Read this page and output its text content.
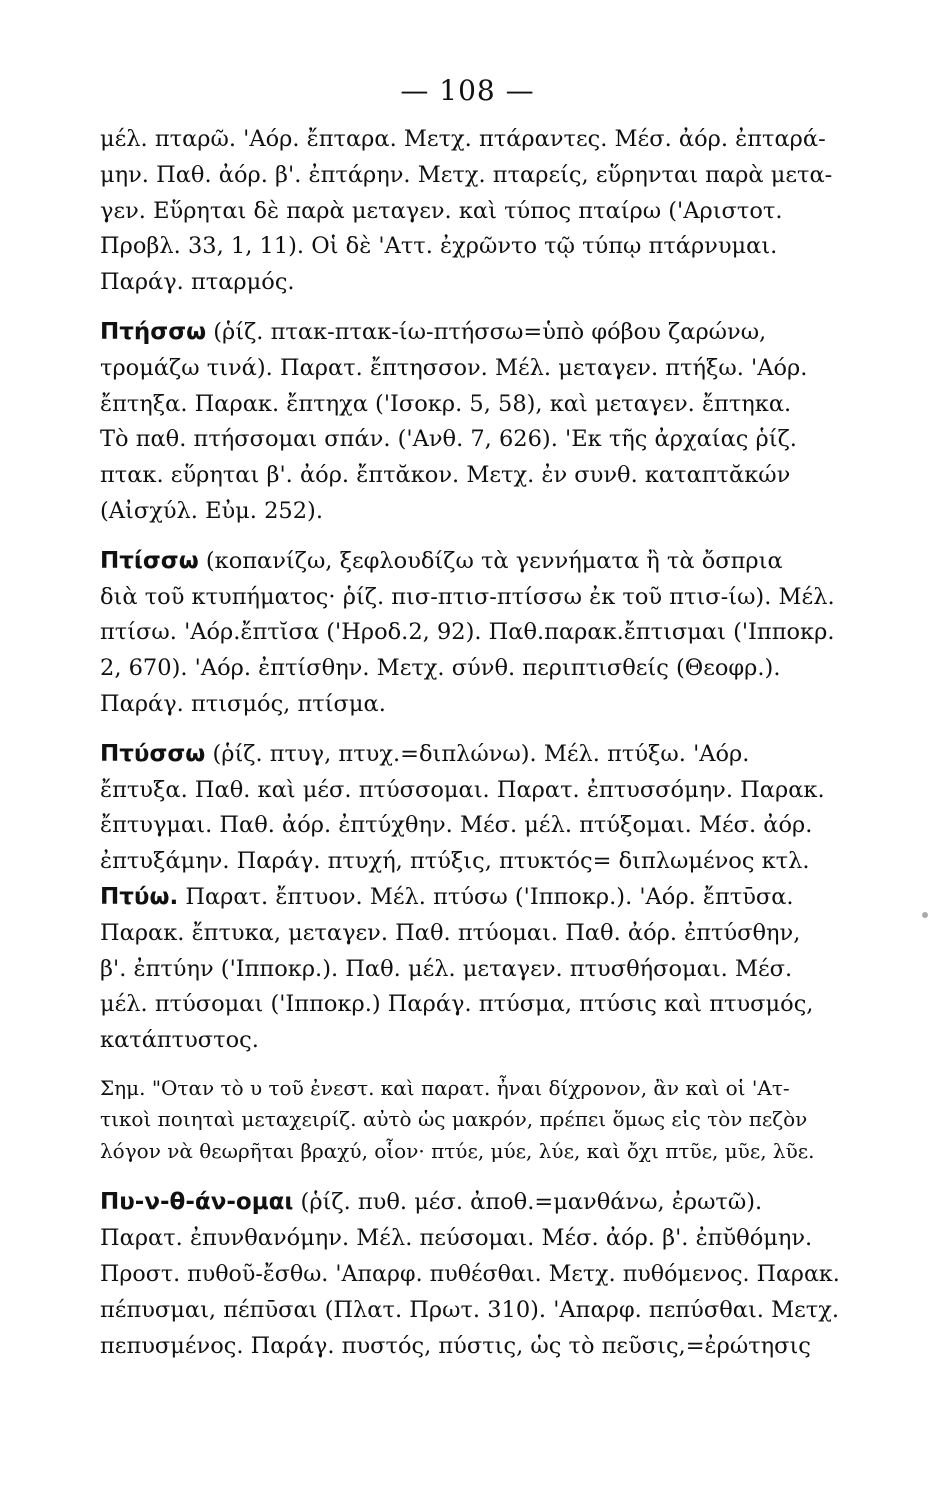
— 108 —
μέλ. πταρῶ. 'Αόρ. ἔπταρα. Μετχ. πτάραντες. Μέσ. ἀόρ. ἐπταρά-
μην. Παθ. ἀόρ. β'. ἐπτάρην. Μετχ. πταρείς, εὕρηνται παρὰ μετα-
γεν. Εὕρηται δὲ παρὰ μεταγεν. καὶ τύπος πταίρω ('Αριστοτ.
Προβλ. 33, 1, 11). Οἱ δὲ 'Αττ. ἐχρῶντο τῷ τύπῳ πτάρνυμαι.
Παράγ. πταρμός.
Πτήσσω (ῥίζ. πτακ-πτακ-ίω-πτήσσω=ὑπὸ φόβου ζαρώνω,
τρομάζω τινά). Παρατ. ἔπτησσον. Μέλ. μεταγεν. πτήξω. 'Αόρ.
ἔπτηξα. Παρακ. ἔπτηχα ('Ισοκρ. 5, 58), καὶ μεταγεν. ἔπτηκα.
Τὸ παθ. πτήσσομαι σπάν. ('Ανθ. 7, 626). 'Εκ τῆς ἀρχαίας ῥίζ.
πτακ. εὕρηται β'. ἀόρ. ἔπτᾰκον. Μετχ. ἐν συνθ. καταπτᾰκών
(Αἰσχύλ. Εὐμ. 252).
Πτίσσω (κοπανίζω, ξεφλουδίζω τὰ γεννήματα ἢ τὰ ὄσπρια
διὰ τοῦ κτυπήματος· ῥίζ. πισ-πτισ-πτίσσω ἐκ τοῦ πτισ-ίω). Μέλ.
πτίσω. 'Αόρ.ἔπτῐσα ('Ηροδ.2, 92). Παθ.παρακ.ἔπτισμαι ('Ιπποκρ.
2, 670). 'Αόρ. ἐπτίσθην. Μετχ. σύνθ. περιπτισθείς (Θεοφρ.).
Παράγ. πτισμός, πτίσμα.
Πτύσσω (ῥίζ. πτυγ, πτυχ.=διπλώνω). Μέλ. πτύξω. 'Αόρ.
ἔπτυξα. Παθ. καὶ μέσ. πτύσσομαι. Παρατ. ἐπτυσσόμην. Παρακ.
ἔπτυγμαι. Παθ. ἀόρ. ἐπτύχθην. Μέσ. μέλ. πτύξομαι. Μέσ. ἀόρ.
ἐπτυξάμην. Παράγ. πτυχή, πτύξις, πτυκτός= διπλωμένος κτλ.
Πτύω. Παρατ. ἔπτυον. Μέλ. πτύσω ('Ιπποκρ.). 'Αόρ. ἔπτῡσα.
Παρακ. ἔπτυκα, μεταγεν. Παθ. πτύομαι. Παθ. ἀόρ. ἐπτύσθην,
β'. ἐπτύην ('Ιπποκρ.). Παθ. μέλ. μεταγεν. πτυσθήσομαι. Μέσ.
μέλ. πτύσομαι ('Ιπποκρ.) Παράγ. πτύσμα, πτύσις καὶ πτυσμός,
κατάπτυστος.
Σημ. "Οταν τὸ υ τοῦ ἐνεστ. καὶ παρατ. ἦναι δίχρονον, ἂν καὶ οἱ 'Ατ-
τικοὶ ποιηταὶ μεταχειρίζ. αὐτὸ ὡς μακρόν, πρέπει ὅμως εἰς τὸν πεζὸν
λόγον νὰ θεωρῆται βραχύ, οἷον· πτύε, μύε, λύε, καὶ ὄχι πτῦε, μῦε, λῦε.
Πυ-ν-θ-άν-ομαι (ῥίζ. πυθ. μέσ. ἀποθ.=μανθάνω, ἐρωτῶ).
Παρατ. ἐπυνθανόμην. Μέλ. πεύσομαι. Μέσ. ἀόρ. β'. ἐπῠθόμην.
Προστ. πυθοῦ-ἔσθω. 'Απαρφ. πυθέσθαι. Μετχ. πυθόμενος. Παρακ.
πέπυσμαι, πέπῡσαι (Πλατ. Πρωτ. 310). 'Απαρφ. πεπύσθαι. Μετχ.
πεπυσμένος. Παράγ. πυστός, πύστις, ὡς τὸ πεῦσις,=ἐρώτησις
